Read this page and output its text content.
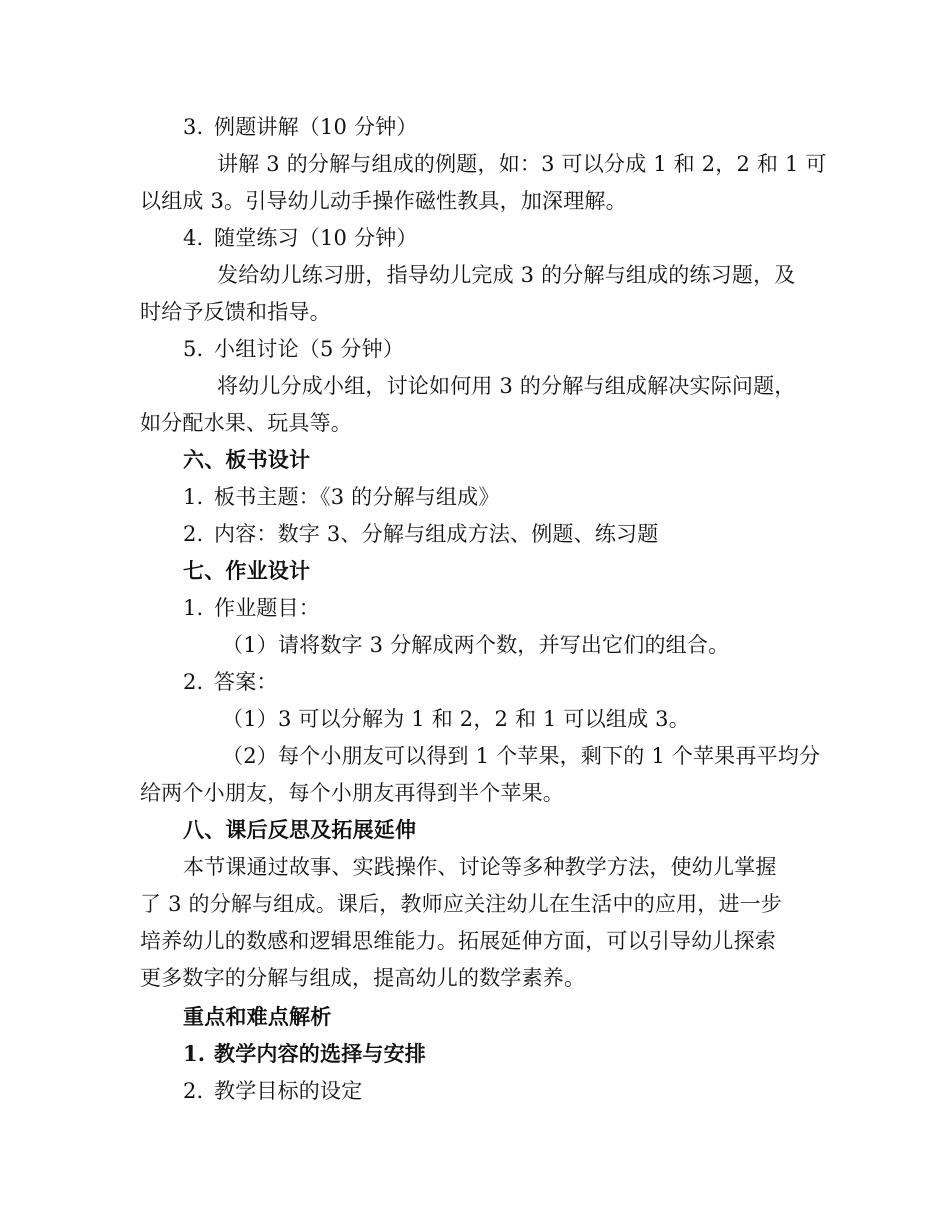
3. 例题讲解（10 分钟）
讲解 3 的分解与组成的例题，如：3 可以分成 1 和 2，2 和 1 可
以组成 3。引导幼儿动手操作磁性教具，加深理解。
4. 随堂练习（10 分钟）
发给幼儿练习册，指导幼儿完成 3 的分解与组成的练习题，及
时给予反馈和指导。
5. 小组讨论（5 分钟）
将幼儿分成小组，讨论如何用 3 的分解与组成解决实际问题，
如分配水果、玩具等。
六、板书设计
1. 板书主题：《3 的分解与组成》
2. 内容：数字 3、分解与组成方法、例题、练习题
七、作业设计
1. 作业题目：
（1）请将数字 3 分解成两个数，并写出它们的组合。
2. 答案：
（1）3 可以分解为 1 和 2，2 和 1 可以组成 3。
（2）每个小朋友可以得到 1 个苹果，剩下的 1 个苹果再平均分
给两个小朋友，每个小朋友再得到半个苹果。
八、课后反思及拓展延伸
本节课通过故事、实践操作、讨论等多种教学方法，使幼儿掌握
了 3 的分解与组成。课后，教师应关注幼儿在生活中的应用，进一步
培养幼儿的数感和逻辑思维能力。拓展延伸方面，可以引导幼儿探索
更多数字的分解与组成，提高幼儿的数学素养。
重点和难点解析
1. 教学内容的选择与安排
2. 教学目标的设定
